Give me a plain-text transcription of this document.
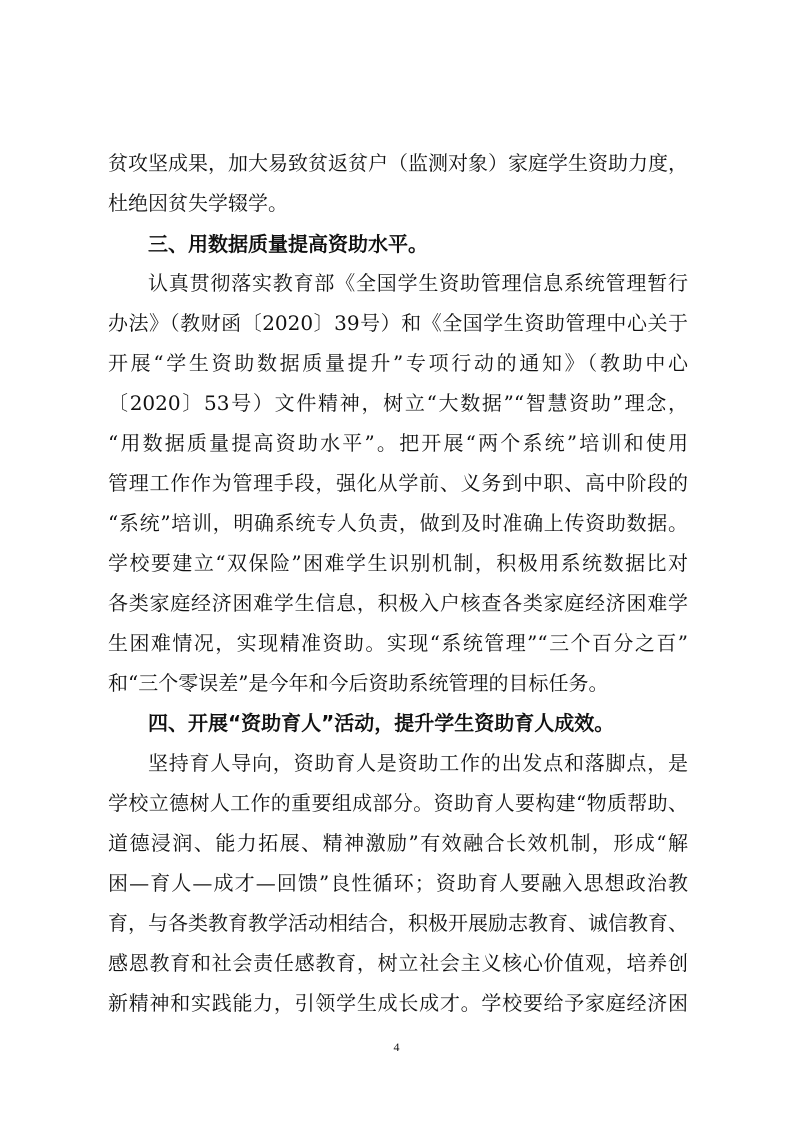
贫攻坚成果，加大易致贫返贫户（监测对象）家庭学生资助力度，
杜绝因贫失学辍学。
三、用数据质量提高资助水平。
认真贯彻落实教育部《全国学生资助管理信息系统管理暂行
办法》（教财函〔2020〕39号）和《全国学生资助管理中心关于
开展“学生资助数据质量提升”专项行动的通知》（教助中心
〔2020〕53号）文件精神，树立“大数据”“智慧资助”理念，
“用数据质量提高资助水平”。把开展“两个系统”培训和使用
管理工作作为管理手段，强化从学前、义务到中职、高中阶段的
“系统”培训，明确系统专人负责，做到及时准确上传资助数据。
学校要建立“双保险”困难学生识别机制，积极用系统数据比对
各类家庭经济困难学生信息，积极入户核查各类家庭经济困难学
生困难情况，实现精准资助。实现“系统管理”“三个百分之百”
和“三个零误差”是今年和今后资助系统管理的目标任务。
四、开展“资助育人”活动，提升学生资助育人成效。
坚持育人导向，资助育人是资助工作的出发点和落脚点，是
学校立德树人工作的重要组成部分。资助育人要构建“物质帮助、
道德浸润、能力拓展、精神激励”有效融合长效机制，形成“解
困—育人—成才—回馈”良性循环；资助育人要融入思想政治教
育，与各类教育教学活动相结合，积极开展励志教育、诚信教育、
感恩教育和社会责任感教育，树立社会主义核心价值观，培养创
新精神和实践能力，引领学生成长成才。学校要给予家庭经济困
4
